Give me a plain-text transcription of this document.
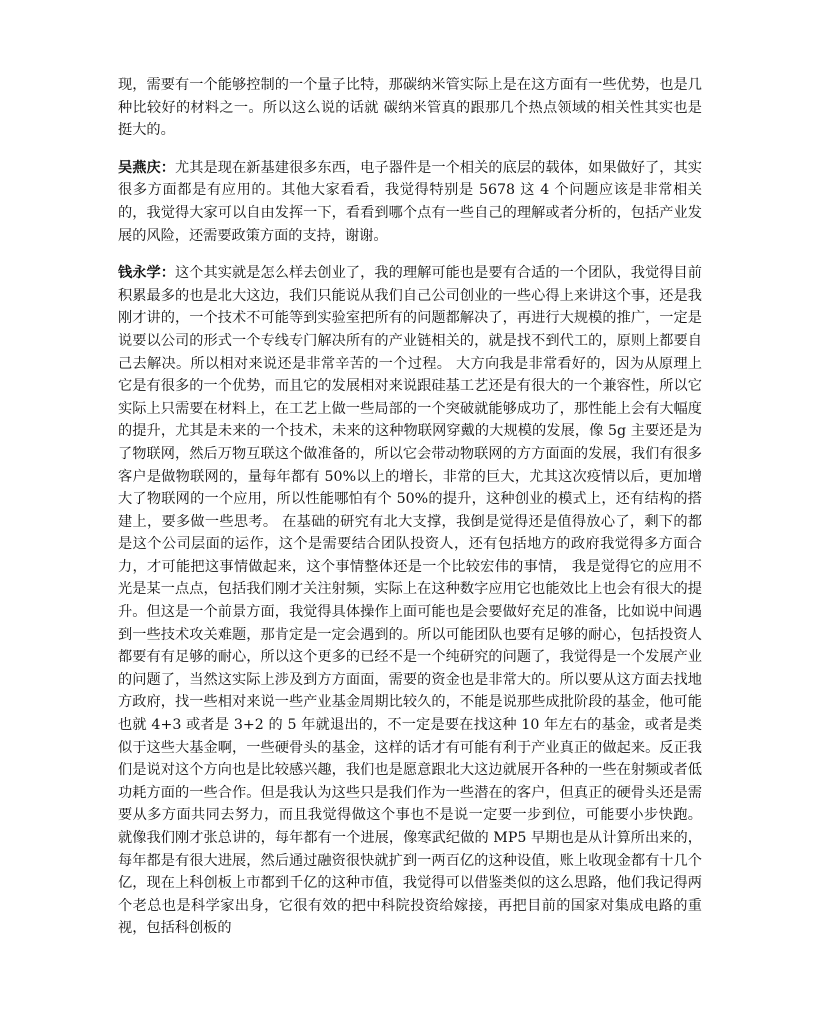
现，需要有一个能够控制的一个量子比特，那碳纳米管实际上是在这方面有一些优势，也是几种比较好的材料之一。所以这么说的话就 碳纳米管真的跟那几个热点领域的相关性其实也是挺大的。

吴燕庆：尤其是现在新基建很多东西，电子器件是一个相关的底层的载体，如果做好了，其实很多方面都是有应用的。其他大家看看，我觉得特别是 5678 这 4 个问题应该是非常相关的，我觉得大家可以自由发挥一下，看看到哪个点有一些自己的理解或者分析的，包括产业发展的风险，还需要政策方面的支持，谢谢。

钱永学：这个其实就是怎么样去创业了，我的理解可能也是要有合适的一个团队，我觉得目前积累最多的也是北大这边，我们只能说从我们自己公司创业的一些心得上来讲这个事，还是我刚才讲的，一个技术不可能等到实验室把所有的问题都解决了，再进行大规模的推广，一定是说要以公司的形式一个专线专门解决所有的产业链相关的，就是找不到代工的，原则上都要自己去解决。所以相对来说还是非常辛苦的一个过程。 大方向我是非常看好的，因为从原理上它是有很多的一个优势，而且它的发展相对来说跟硅基工艺还是有很大的一个兼容性，所以它实际上只需要在材料上，在工艺上做一些局部的一个突破就能够成功了，那性能上会有大幅度的提升，尤其是未来的一个技术，未来的这种物联网穿戴的大规模的发展，像 5g 主要还是为了物联网，然后万物互联这个做准备的，所以它会带动物联网的方方面面的发展，我们有很多客户是做物联网的，量每年都有 50%以上的增长，非常的巨大，尤其这次疫情以后，更加增大了物联网的一个应用，所以性能哪怕有个 50%的提升，这种创业的模式上，还有结构的搭建上，要多做一些思考。 在基础的研究有北大支撑，我倒是觉得还是值得放心了，剩下的都是这个公司层面的运作，这个是需要结合团队投资人，还有包括地方的政府我觉得多方面合力，才可能把这事情做起来，这个事情整体还是一个比较宏伟的事情， 我是觉得它的应用不光是某一点点，包括我们刚才关注射频，实际上在这种数字应用它也能效比上也会有很大的提升。但这是一个前景方面，我觉得具体操作上面可能也是会要做好充足的准备，比如说中间遇到一些技术攻关难题，那肯定是一定会遇到的。所以可能团队也要有足够的耐心，包括投资人都要有有足够的耐心，所以这个更多的已经不是一个纯研究的问题了，我觉得是一个发展产业的问题了，当然这实际上涉及到方方面面，需要的资金也是非常大的。所以要从这方面去找地方政府，找一些相对来说一些产业基金周期比较久的，不能是说那些成批阶段的基金，他可能也就 4+3 或者是 3+2 的 5 年就退出的，不一定是要在找这种 10 年左右的基金，或者是类似于这些大基金啊，一些硬骨头的基金，这样的话才有可能有利于产业真正的做起来。反正我们是说对这个方向也是比较感兴趣，我们也是愿意跟北大这边就展开各种的一些在射频或者低功耗方面的一些合作。但是我认为这些只是我们作为一些潜在的客户，但真正的硬骨头还是需要从多方面共同去努力，而且我觉得做这个事也不是说一定要一步到位，可能要小步快跑。 就像我们刚才张总讲的，每年都有一个进展，像寒武纪做的 MP5 早期也是从计算所出来的，每年都是有很大进展，然后通过融资很快就扩到一两百亿的这种设值，账上收现金都有十几个亿，现在上科创板上市都到千亿的这种市值，我觉得可以借鉴类似的这么思路，他们我记得两 个老总也是科学家出身，它很有效的把中科院投资给嫁接，再把目前的国家对集成电路的重视，包括科创板的
